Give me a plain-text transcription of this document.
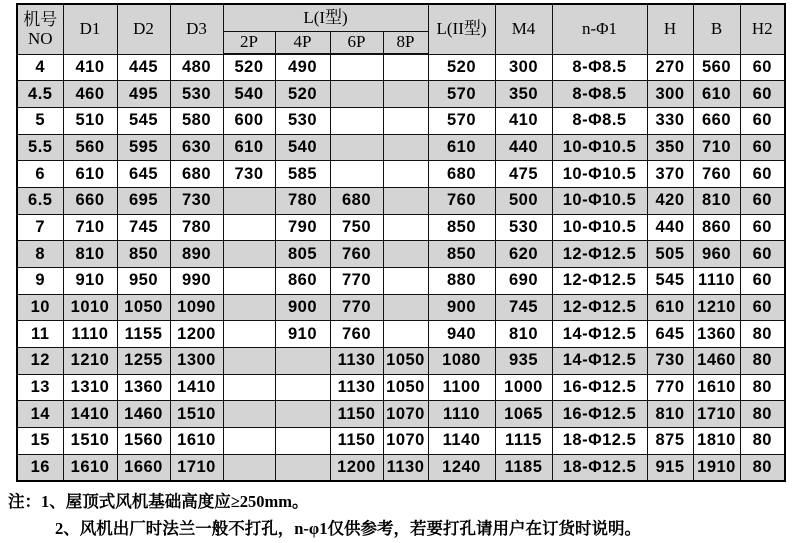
机号
NO	D1	D2	D3	L(I型)				L(II型)	M4	n-Φ1	H	B	H2
				2P	4P	6P	8P						
4	410	445	480	520	490			520	300	8-Φ8.5	270	560	60
4.5	460	495	530	540	520			570	350	8-Φ8.5	300	610	60
5	510	545	580	600	530			570	410	8-Φ8.5	330	660	60
5.5	560	595	630	610	540			610	440	10-Φ10.5	350	710	60
6	610	645	680	730	585			680	475	10-Φ10.5	370	760	60
6.5	660	695	730		780	680		760	500	10-Φ10.5	420	810	60
7	710	745	780		790	750		850	530	10-Φ10.5	440	860	60
8	810	850	890		805	760		850	620	12-Φ12.5	505	960	60
9	910	950	990		860	770		880	690	12-Φ12.5	545	1110	60
10	1010	1050	1090		900	770		900	745	12-Φ12.5	610	1210	60
11	1110	1155	1200		910	760		940	810	14-Φ12.5	645	1360	80
12	1210	1255	1300			1130	1050	1080	935	14-Φ12.5	730	1460	80
13	1310	1360	1410			1130	1050	1100	1000	16-Φ12.5	770	1610	80
14	1410	1460	1510			1150	1070	1110	1065	16-Φ12.5	810	1710	80
15	1510	1560	1610			1150	1070	1140	1115	18-Φ12.5	875	1810	80
16	1610	1660	1710			1200	1130	1240	1185	18-Φ12.5	915	1910	80
注：1、屋顶式风机基础高度应≥250mm。
2、风机出厂时法兰一般不打孔，n-φ1仅供参考，若要打孔请用户在订货时说明。
